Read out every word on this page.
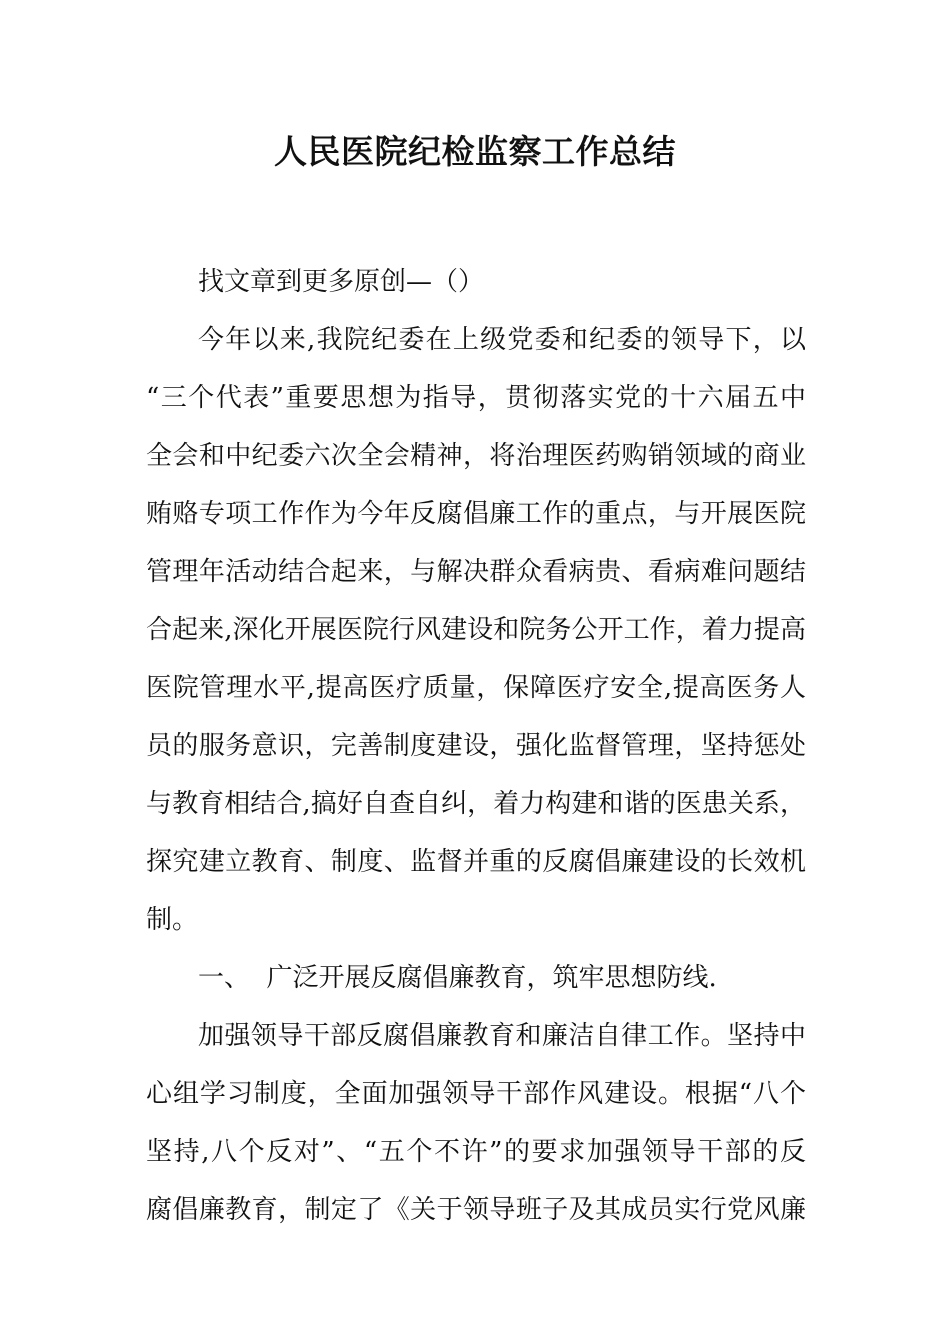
人民医院纪检监察工作总结
找文章到更多原创—（）
今年以来,我院纪委在上级党委和纪委的领导下，以
“三个代表”重要思想为指导，贯彻落实党的十六届五中
全会和中纪委六次全会精神，将治理医药购销领域的商业
贿赂专项工作作为今年反腐倡廉工作的重点，与开展医院
管理年活动结合起来，与解决群众看病贵、看病难问题结
合起来,深化开展医院行风建设和院务公开工作，着力提高
医院管理水平,提高医疗质量，保障医疗安全,提高医务人
员的服务意识，完善制度建设，强化监督管理，坚持惩处
与教育相结合,搞好自查自纠，着力构建和谐的医患关系，
探究建立教育、制度、监督并重的反腐倡廉建设的长效机
制。
一、  广泛开展反腐倡廉教育，筑牢思想防线.
加强领导干部反腐倡廉教育和廉洁自律工作。坚持中
心组学习制度，全面加强领导干部作风建设。根据“八个
坚持,八个反对”、“五个不许”的要求加强领导干部的反
腐倡廉教育，制定了《关于领导班子及其成员实行党风廉
